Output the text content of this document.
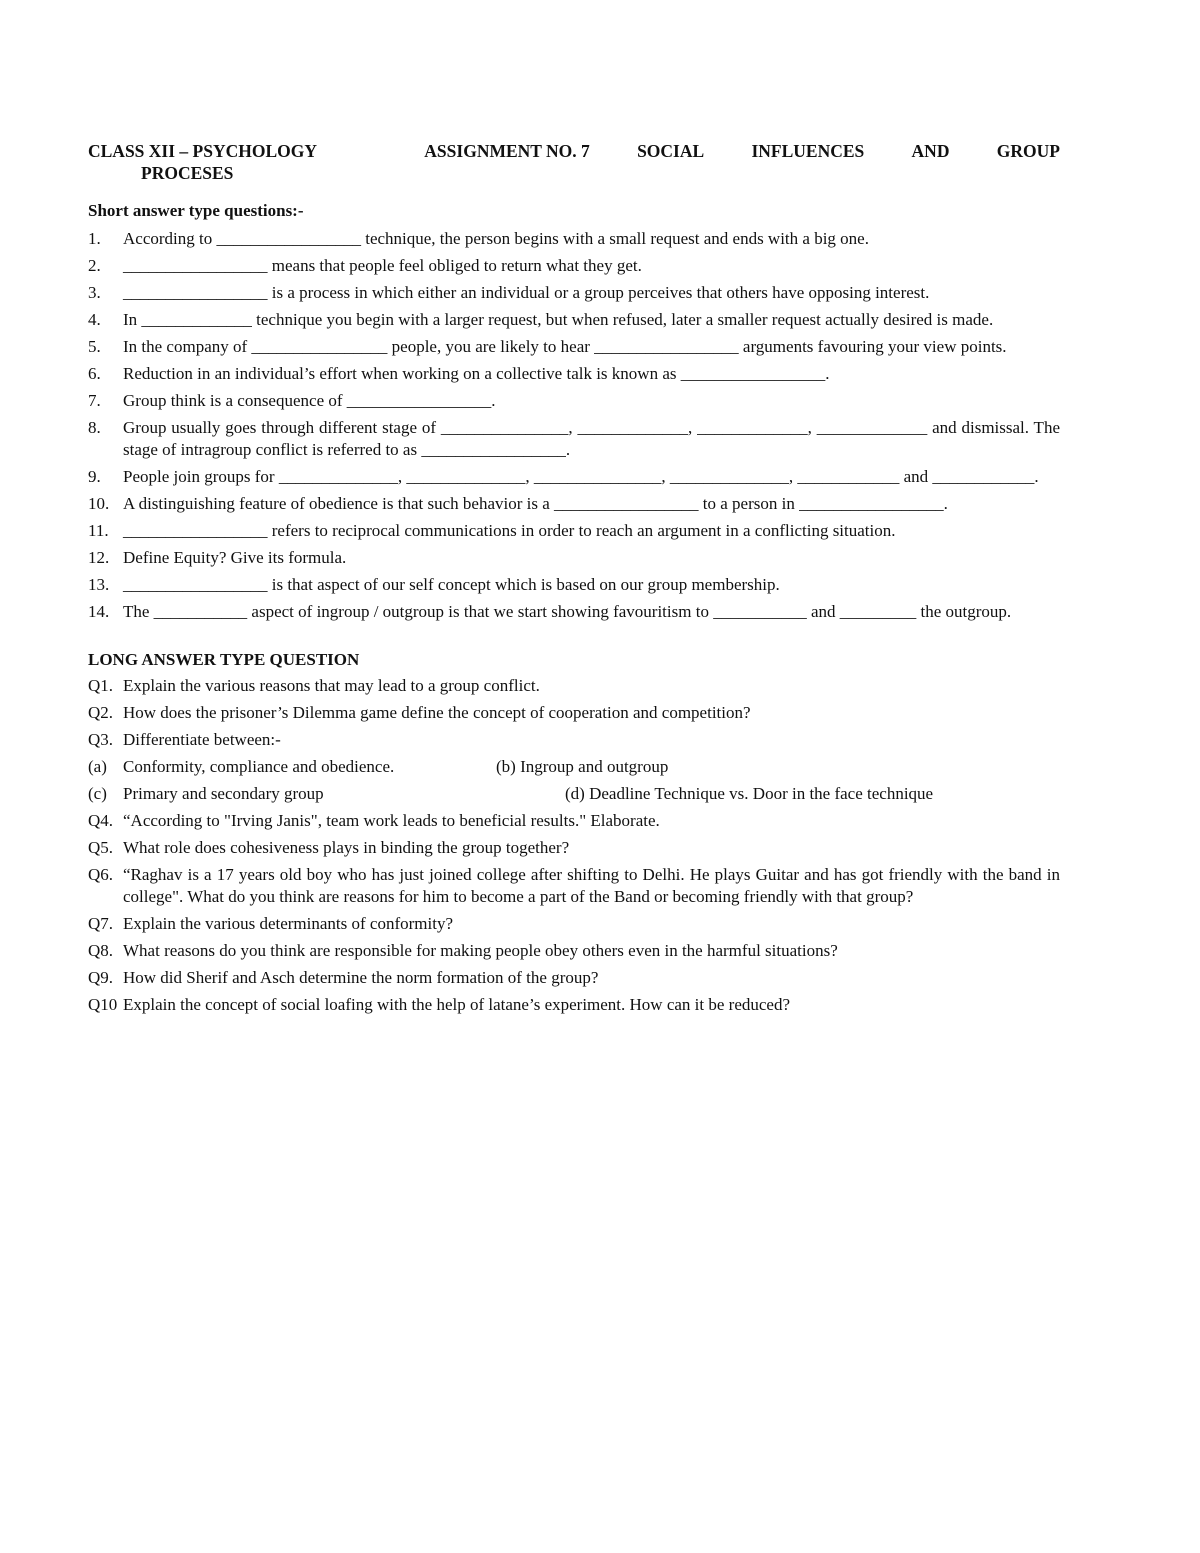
CLASS XII – PSYCHOLOGY	ASSIGNMENT NO. 7	SOCIAL	INFLUENCES	AND	GROUP
PROCESES
Short answer type questions:-
1.	According to _________________ technique, the person begins with a small request and ends with a big one.
2.	_________________ means that people feel obliged to return what they get.
3.	_________________ is a process in which either an individual or a group perceives that others have opposing interest.
4.	In _____________ technique you begin with a larger request, but when refused, later a smaller request actually desired is made.
5.	In the company of ________________ people, you are likely to hear _________________ arguments favouring your view points.
6.	Reduction in an individual’s effort when working on a collective talk is known as _________________.
7.	Group think is a consequence of _________________.
8.	Group usually goes through different stage of _______________, _____________, _____________, _____________ and dismissal. The stage of intragroup conflict is referred to as _________________.
9.	People join groups for ______________, ______________, _______________, ______________, ____________ and ____________.
10. A distinguishing feature of obedience is that such behavior is a _________________ to a person in _________________.
11. _________________ refers to reciprocal communications in order to reach an argument in a conflicting situation.
12. Define Equity? Give its formula.
13. _________________ is that aspect of our self concept which is based on our group membership.
14. The ___________ aspect of ingroup / outgroup is that we start showing favouritism to ___________ and _________ the outgroup.
LONG ANSWER TYPE QUESTION
Q1. Explain the various reasons that may lead to a group conflict.
Q2. How does the prisoner’s Dilemma game define the concept of cooperation and competition?
Q3. Differentiate between:-
(a) Conformity, compliance and obedience.	(b) Ingroup and outgroup
(c) Primary and secondary group	(d) Deadline Technique vs. Door in the face technique
Q4. “According to "Irving Janis", team work leads to beneficial results." Elaborate.
Q5. What role does cohesiveness plays in binding the group together?
Q6. “Raghav is a 17 years old boy who has just joined college after shifting to Delhi. He plays Guitar and has got friendly with the band in college". What do you think are reasons for him to become a part of the Band or becoming friendly with that group?
Q7. Explain the various determinants of conformity?
Q8. What reasons do you think are responsible for making people obey others even in the harmful situations?
Q9. How did Sherif and Asch determine the norm formation of the group?
Q10 Explain the concept of social loafing with the help of latane’s experiment. How can it be reduced?
